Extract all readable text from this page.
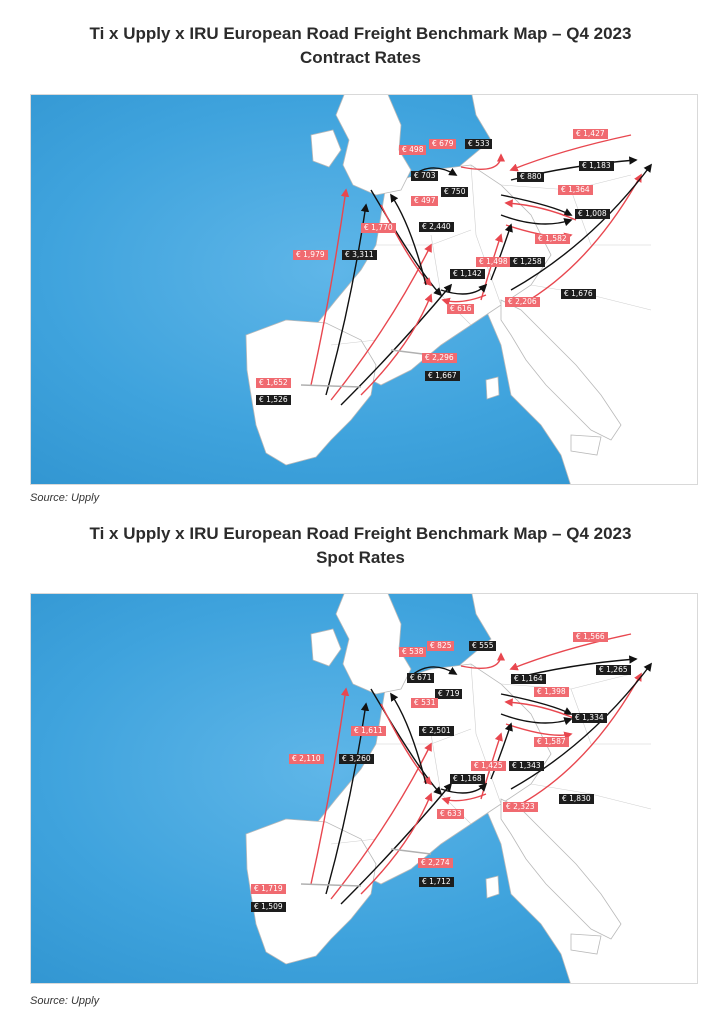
Ti x Upply x IRU European Road Freight Benchmark Map – Q4 2023
Contract Rates
€ 498
€ 679	€ 533
€ 1,427
€ 703
€ 1,183
€ 750
€ 880
€ 497
€ 1,364
€ 1,008
€ 1,770	€ 2,440
€ 1,582
€ 1,979	€ 3,311
€ 1,498 € 1,258
€ 1,142
€ 1,676
€ 2,206
€ 616
€ 2,296
€ 1,667
€ 1,652
€ 1,526
Source: Upply
Ti x Upply x IRU European Road Freight Benchmark Map – Q4 2023
Spot Rates
€ 538
€ 825	€ 555
€ 1,566
€ 671
€ 1,265
€ 719
€ 1,164
€ 531
€ 1,398
€ 1,334
€ 1,611	€ 2,501
€ 1,587
€ 2,110	€ 3,260
€ 1,425	€ 1,343
€ 1,168
€ 1,830
€ 2,323
€ 633
€ 2,274
€ 1,712
€ 1,719
€ 1,509
Source: Upply
